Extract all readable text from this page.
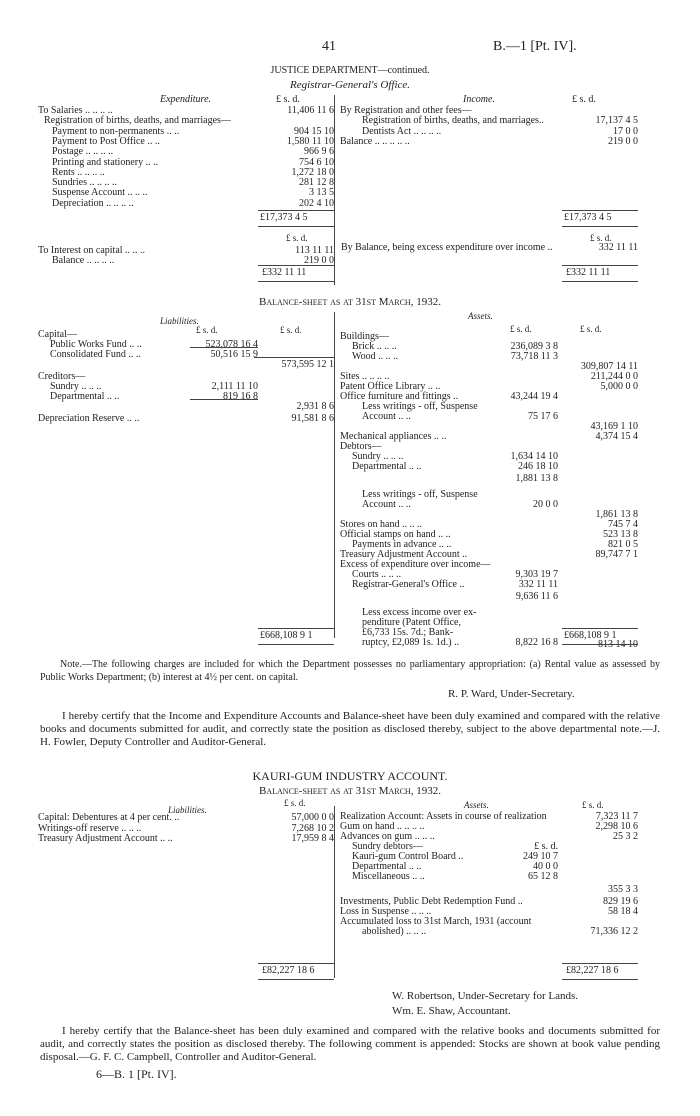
41	B.—1 [Pt. IV].
JUSTICE DEPARTMENT—continued.
Registrar-General's Office.
Expenditure.	£ s. d.	Income.	£ s. d.
To Salaries .. .. .. ..	11,406 11 6
Registration of births, deaths, and marriages—
Payment to non-permanents .. ..	904 15 10
Payment to Post Office .. ..	1,580 11 10
Postage .. .. .. ..	966 9 6
Printing and stationery .. ..	754 6 10
Rents .. .. .. ..	1,272 18 0
Sundries .. .. .. ..	281 12 8
Suspense Account .. .. ..	3 13 5
Depreciation .. .. .. ..	202 4 10
By Registration and other fees—
Registration of births, deaths, and marriages..	17,137 4 5
Dentists Act .. .. .. ..	17 0 0
Balance .. .. .. .. ..	219 0 0
£17,373 4 5	£17,373 4 5
£ s. d.	£ s. d.
To Interest on capital .. .. ..	113 11 11
Balance .. .. .. ..	219 0 0
By Balance, being excess expenditure over income ..	332 11 11
£332 11 11	£332 11 11
Balance-sheet as at 31st March, 1932.
Liabilities.	Assets.
£ s. d.	£ s. d.	£ s. d.	£ s. d.
Capital—
Public Works Fund .. ..	523,078 16 4
Consolidated Fund .. ..	50,516 15 9
573,595 12 1
Creditors—
Sundry .. .. ..	2,111 11 10
Departmental .. ..	819 16 8
2,931 8 6
Depreciation Reserve .. ..	91,581 8 6
Buildings—
Brick .. .. ..	236,089 3 8
Wood .. .. ..	73,718 11 3
309,807 14 11
Sites .. .. .. ..	211,244 0 0
Patent Office Library .. ..	5,000 0 0
Office furniture and fittings ..	43,244 19 4
Less writings - off, Suspense
Account .. ..	75 17 6
43,169 1 10
Mechanical appliances .. ..	4,374 15 4
Debtors—
Sundry .. .. ..	1,634 14 10
Departmental .. ..	246 18 10
1,881 13 8
Less writings - off, Suspense
Account .. ..	20 0 0
1,861 13 8
Stores on hand .. .. ..	745 7 4
Official stamps on hand .. ..	523 13 8
Payments in advance .. ..	821 0 5
Treasury Adjustment Account ..	89,747 7 1
Excess of expenditure over income—
Courts .. .. ..	9,303 19 7
Registrar-General's Office ..	332 11 11
9,636 11 6
Less excess income over ex-
penditure (Patent Office,
£6,733 15s. 7d.; Bank-
ruptcy, £2,089 1s. 1d.) ..	8,822 16 8	813 14 10
£668,108 9 1	£668,108 9 1
Note.—The following charges are included for which the Department possesses no parliamentary appropriation: (a) Rental value as assessed by Public Works Department; (b) interest at 4½ per cent. on capital.
R. P. Ward, Under-Secretary.
I hereby certify that the Income and Expenditure Accounts and Balance-sheet have been duly examined and compared with the relative books and documents submitted for audit, and correctly state the position as disclosed thereby, subject to the above departmental note.—J. H. Fowler, Deputy Controller and Auditor-General.
KAURI-GUM INDUSTRY ACCOUNT.
Balance-sheet as at 31st March, 1932.
Liabilities.
£ s. d.	Assets.	£ s. d.
Capital: Debentures at 4 per cent. ..	57,000 0 0
Writings-off reserve .. .. ..	7,268 10 2
Treasury Adjustment Account .. ..	17,959 8 4
Realization Account: Assets in course of realization	7,323 11 7
Gum on hand .. .. .. ..	2,298 10 6
Advances on gum .. .. ..	25 3 2
Sundry debtors—	£ s. d.
Kauri-gum Control Board ..	249 10 7
Departmental .. ..	40 0 0
Miscellaneous .. ..	65 12 8
355 3 3
Investments, Public Debt Redemption Fund ..	829 19 6
Loss in Suspense .. .. ..	58 18 4
Accumulated loss to 31st March, 1931 (account
abolished) .. .. ..	71,336 12 2
£82,227 18 6	£82,227 18 6
W. Robertson, Under-Secretary for Lands.
Wm. E. Shaw, Accountant.
I hereby certify that the Balance-sheet has been duly examined and compared with the relative books and documents submitted for audit, and correctly states the position as disclosed thereby. The following comment is appended: Stocks are shown at book value pending disposal.—G. F. C. Campbell, Controller and Auditor-General.
6—B. 1 [Pt. IV].
